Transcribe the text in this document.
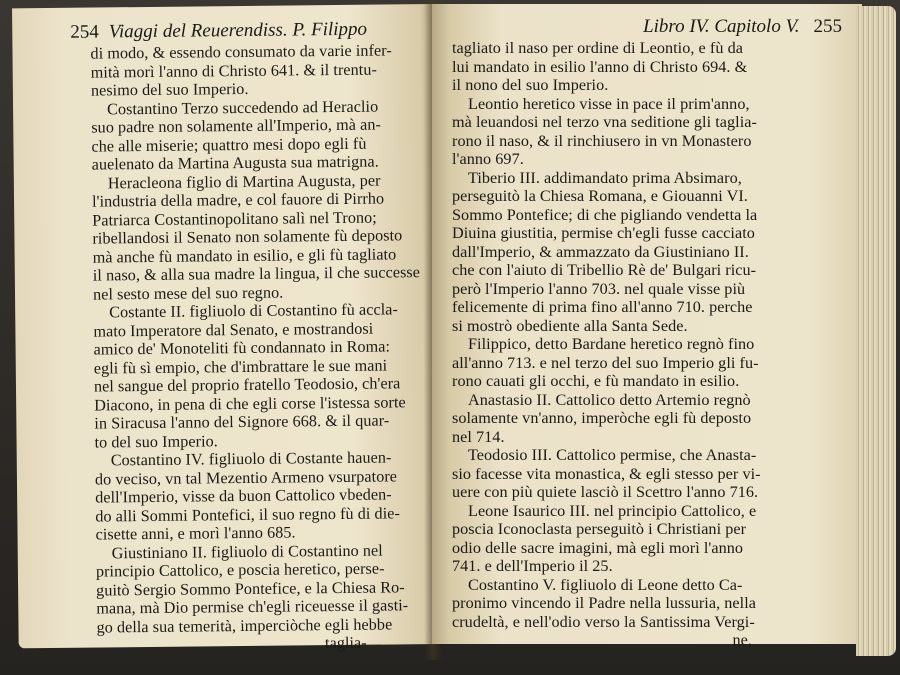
254 Viaggi del Reuerendiss. P. Filippo
di modo, & essendo consumato da varie infer-
mità morì l'anno di Christo 641. & il trentu-
nesimo del suo Imperio.
Costantino Terzo succedendo ad Heraclio
suo padre non solamente all'Imperio, mà an-
che alle miserie; quattro mesi dopo egli fù
auelenato da Martina Augusta sua matrigna.
Heracleona figlio di Martina Augusta, per
l'industria della madre, e col fauore di Pirrho
Patriarca Costantinopolitano salì nel Trono;
ribellandosi il Senato non solamente fù deposto
mà anche fù mandato in esilio, e gli fù tagliato
il naso, & alla sua madre la lingua, il che successe
nel sesto mese del suo regno.
Costante II. figliuolo di Costantino fù accla-
mato Imperatore dal Senato, e mostrandosi
amico de' Monoteliti fù condannato in Roma:
egli fù sì empio, che d'imbrattare le sue mani
nel sangue del proprio fratello Teodosio, ch'era
Diacono, in pena di che egli corse l'istessa sorte
in Siracusa l'anno del Signore 668. & il quar-
to del suo Imperio.
Costantino IV. figliuolo di Costante hauen-
do veciso, vn tal Mezentio Armeno vsurpatore
dell'Imperio, visse da buon Cattolico vbeden-
do alli Sommi Pontefici, il suo regno fù di die-
cisette anni, e morì l'anno 685.
Giustiniano II. figliuolo di Costantino nel
principio Cattolico, e poscia heretico, perse-
guitò Sergio Sommo Pontefice, e la Chiesa Ro-
mana, mà Dio permise ch'egli riceuesse il gasti-
go della sua temerità, imperciòche egli hebbe
taglia-
Libro IV. Capitolo V. 255
tagliato il naso per ordine di Leontio, e fù da
lui mandato in esilio l'anno di Christo 694. &
il nono del suo Imperio.
Leontio heretico visse in pace il prim'anno,
mà leuandosi nel terzo vna seditione gli taglia-
rono il naso, & il rinchiusero in vn Monastero
l'anno 697.
Tiberio III. addimandato prima Absimaro,
perseguitò la Chiesa Romana, e Giouanni VI.
Sommo Pontefice; di che pigliando vendetta la
Diuina giustitia, permise ch'egli fusse cacciato
dall'Imperio, & ammazzato da Giustiniano II.
che con l'aiuto di Tribellio Rè de' Bulgari ricu-
però l'Imperio l'anno 703. nel quale visse più
felicemente di prima fino all'anno 710. perche
si mostrò obediente alla Santa Sede.
Filippico, detto Bardane heretico regnò fino
all'anno 713. e nel terzo del suo Imperio gli fu-
rono cauati gli occhi, e fù mandato in esilio.
Anastasio II. Cattolico detto Artemio regnò
solamente vn'anno, imperòche egli fù deposto
nel 714.
Teodosio III. Cattolico permise, che Anasta-
sio facesse vita monastica, & egli stesso per vi-
uere con più quiete lasciò il Scettro l'anno 716.
Leone Isaurico III. nel principio Cattolico, e
poscia Iconoclasta perseguitò i Christiani per
odio delle sacre imagini, mà egli morì l'anno
741. e dell'Imperio il 25.
Costantino V. figliuolo di Leone detto Ca-
pronimo vincendo il Padre nella lussuria, nella
crudeltà, e nell'odio verso la Santissima Vergi-
ne,
